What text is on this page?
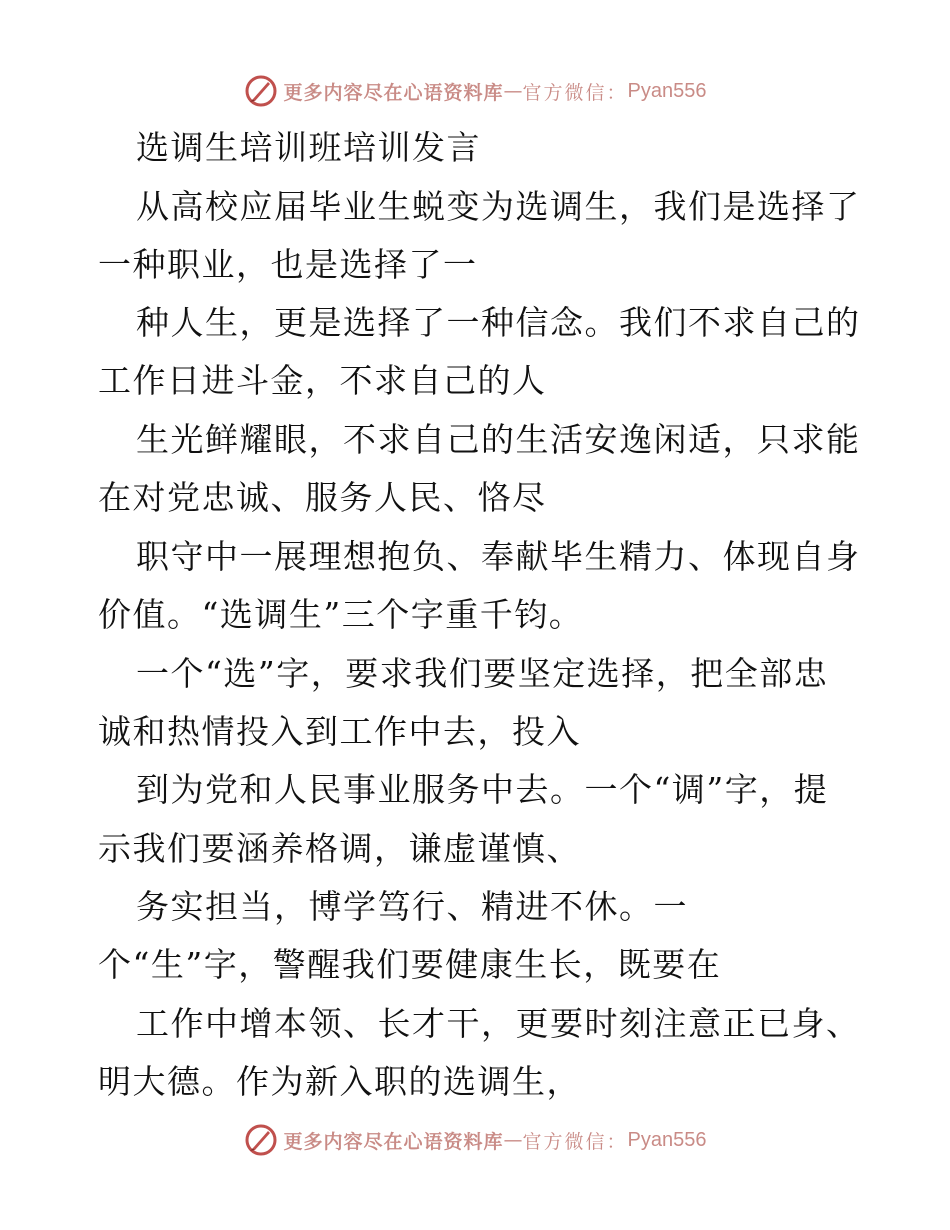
更多内容尽在心语资料库 — 官方微信： Pyan556
选调生培训班培训发言
从高校应届毕业生蜕变为选调生，我们是选择了
一种职业，也是选择了一
种人生，更是选择了一种信念。我们不求自己的
工作日进斗金，不求自己的人
生光鲜耀眼，不求自己的生活安逸闲适，只求能
在对党忠诚、服务人民、恪尽
职守中一展理想抱负、奉献毕生精力、体现自身
价值。“选调生”三个字重千钧。
一个“选”字，要求我们要坚定选择，把全部忠
诚和热情投入到工作中去，投入
到为党和人民事业服务中去。一个“调”字，提
示我们要涵养格调，谦虚谨慎、
务实担当，博学笃行、精进不休。一
个“生”字，警醒我们要健康生长，既要在
工作中增本领、长才干，更要时刻注意正已身、
明大德。作为新入职的选调生，
更多内容尽在心语资料库 — 官方微信： Pyan556
